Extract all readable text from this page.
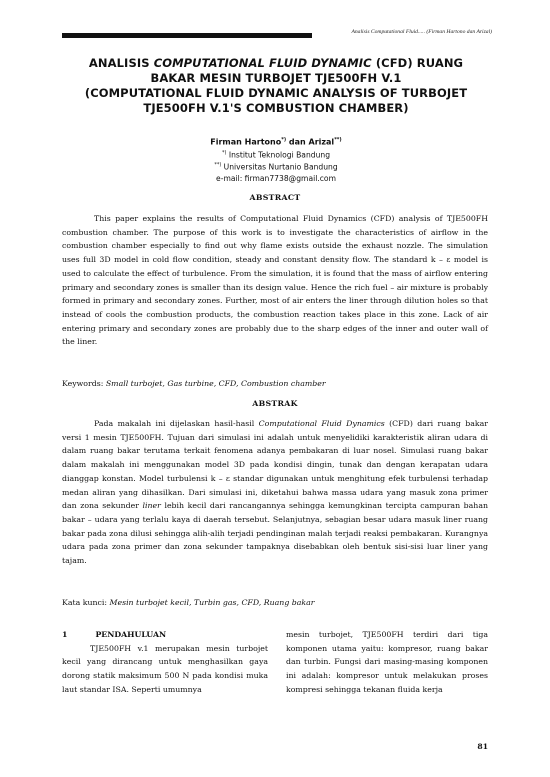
Analisis Computational Fluid..... (Firman Hartono dan Arizal)
ANALISIS COMPUTATIONAL FLUID DYNAMIC (CFD) RUANG
BAKAR MESIN TURBOJET TJE500FH V.1
(COMPUTATIONAL FLUID DYNAMIC ANALYSIS OF TURBOJET
TJE500FH V.1'S COMBUSTION CHAMBER)
Firman Hartono*) dan Arizal**)
*) Institut Teknologi Bandung
**) Universitas Nurtanio Bandung
e-mail: firman7738@gmail.com
ABSTRACT

This paper explains the results of Computational Fluid Dynamics (CFD) analysis of TJE500FH combustion chamber. The purpose of this work is to investigate the characteristics of airflow in the combustion chamber especially to find out why flame exists outside the exhaust nozzle. The simulation uses full 3D model in cold flow condition, steady and constant density flow. The standard k – ε model is used to calculate the effect of turbulence. From the simulation, it is found that the mass of airflow entering primary and secondary zones is smaller than its design value. Hence the rich fuel – air mixture is probably formed in primary and secondary zones. Further, most of air enters the liner through dilution holes so that instead of cools the combustion products, the combustion reaction takes place in this zone. Lack of air entering primary and secondary zones are probably due to the sharp edges of the inner and outer wall of the liner.

Keywords: Small turbojet, Gas turbine, CFD, Combustion chamber
ABSTRAK

Pada makalah ini dijelaskan hasil-hasil Computational Fluid Dynamics (CFD) dari ruang bakar versi 1 mesin TJE500FH. Tujuan dari simulasi ini adalah untuk menyelidiki karakteristik aliran udara di dalam ruang bakar terutama terkait fenomena adanya pembakaran di luar nosel. Simulasi ruang bakar dalam makalah ini menggunakan model 3D pada kondisi dingin, tunak dan dengan kerapatan udara dianggap konstan. Model turbulensi k – ε standar digunakan untuk menghitung efek turbulensi terhadap medan aliran yang dihasilkan. Dari simulasi ini, diketahui bahwa massa udara yang masuk zona primer dan zona sekunder liner lebih kecil dari rancangannya sehingga kemungkinan tercipta campuran bahan bakar – udara yang terlalu kaya di daerah tersebut. Selanjutnya, sebagian besar udara masuk liner ruang bakar pada zona dilusi sehingga alih-alih terjadi pendinginan malah terjadi reaksi pembakaran. Kurangnya udara pada zona primer dan zona sekunder tampaknya disebabkan oleh bentuk sisi-sisi luar liner yang tajam.

Kata kunci: Mesin turbojet kecil, Turbin gas, CFD, Ruang bakar
1	PENDAHULUAN

TJE500FH v.1 merupakan mesin turbojet kecil yang dirancang untuk menghasilkan gaya dorong statik maksimum 500 N pada kondisi muka laut standar ISA. Seperti umumnya

mesin turbojet, TJE500FH terdiri dari tiga komponen utama yaitu: kompresor, ruang bakar dan turbin. Fungsi dari masing-masing komponen ini adalah: kompresor untuk melakukan proses kompresi sehingga tekanan fluida kerja

81
